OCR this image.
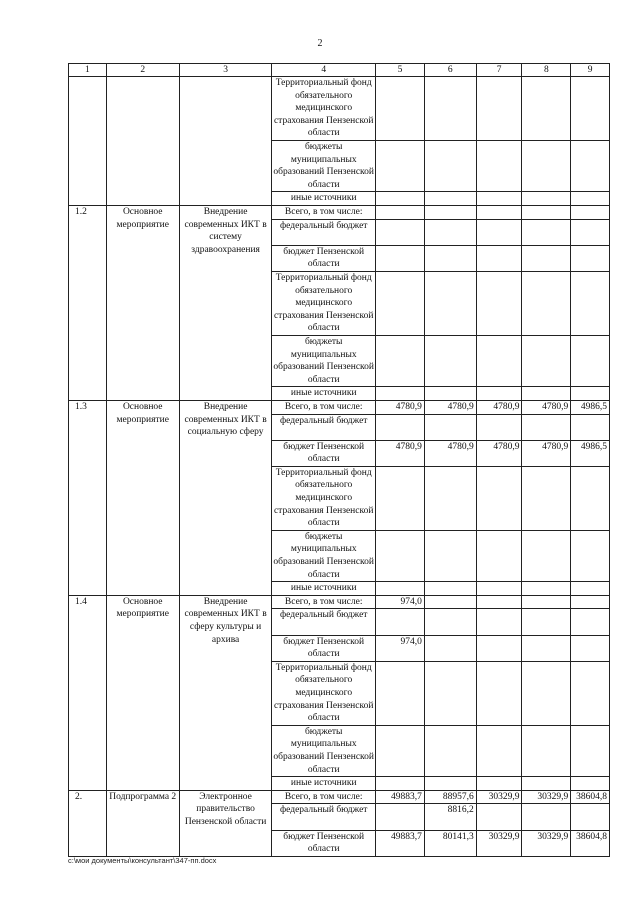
2
1	2	3	4	5	6	7	8	9
			Территориальный фонд обязательного медицинского страхования Пензенской области					
			бюджеты муниципальных образований Пензенской области					
			иные источники					
1.2	Основное мероприятие	Внедрение современных ИКТ в систему здравоохранения	Всего, в том числе:					
			федеральный бюджет					
			бюджет Пензенской области					
			Территориальный фонд обязательного медицинского страхования Пензенской области					
			бюджеты муниципальных образований Пензенской области					
			иные источники					
1.3	Основное мероприятие	Внедрение современных ИКТ в социальную сферу	Всего, в том числе:	4780,9	4780,9	4780,9	4780,9	4986,5
			федеральный бюджет					
			бюджет Пензенской области	4780,9	4780,9	4780,9	4780,9	4986,5
			Территориальный фонд обязательного медицинского страхования Пензенской области					
			бюджеты муниципальных образований Пензенской области					
			иные источники					
1.4	Основное мероприятие	Внедрение современных ИКТ в сферу культуры и архива	Всего, в том числе:	974,0				
			федеральный бюджет					
			бюджет Пензенской области	974,0				
			Территориальный фонд обязательного медицинского страхования Пензенской области					
			бюджеты муниципальных образований Пензенской области					
			иные источники					
2.	Подпрограмма 2	Электронное правительство Пензенской области	Всего, в том числе:	49883,7	88957,6	30329,9	30329,9	38604,8
			федеральный бюджет		8816,2			
			бюджет Пензенской области	49883,7	80141,3	30329,9	30329,9	38604,8
c:\мои документы\консультант\347-пп.docx
